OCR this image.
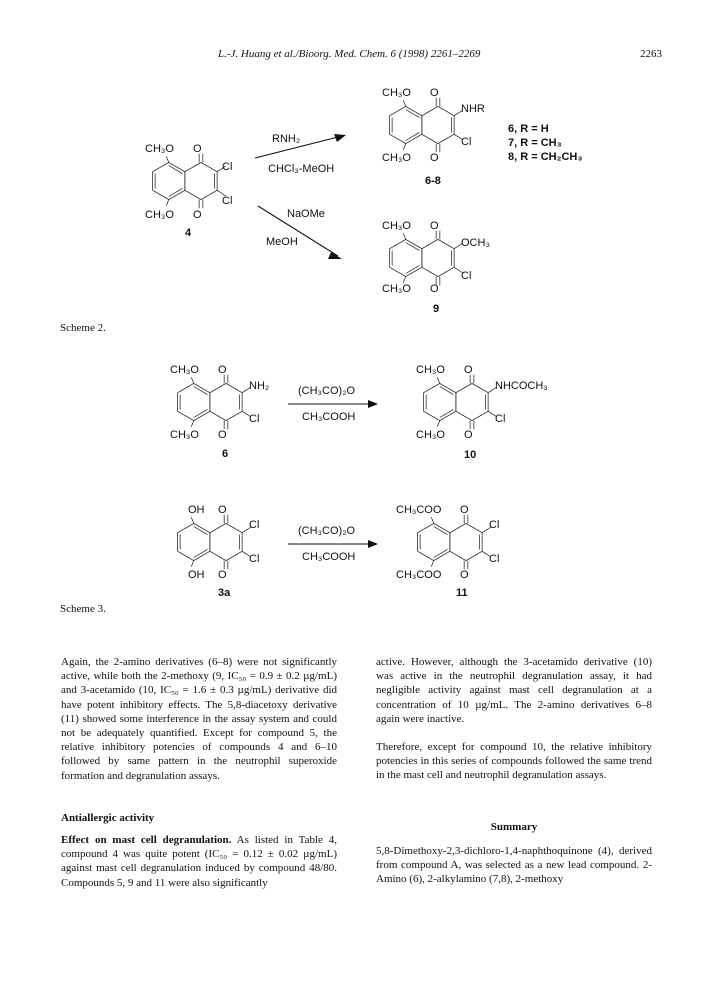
L.-J. Huang et al./Bioorg. Med. Chem. 6 (1998) 2261–2269	2263
CH₃O O
Cl
Cl
CH₃O O
4
RNH₂
CHCl₃-MeOH
CH₃O O
NHR
Cl
CH₃O O
6-8
6, R = H
7, R = CH₃
8, R = CH₂CH₃
NaOMe
MeOH
CH₃O O
OCH₃
Cl
CH₃O O
9
CH₃O O
NH₂
Cl
CH₃O O
6
(CH₃CO)₂O
CH₃COOH
CH₃O O
NHCOCH₃
Cl
CH₃O O
10
OH O
Cl
Cl
OH O
3a
(CH₃CO)₂O
CH₃COOH
CH₃COO O
Cl
Cl
CH₃COO O
11
Scheme 2.
Scheme 3.

Again, the 2-amino derivatives (6–8) were not significantly active, while both the 2-methoxy (9, IC₅₀ = 0.9 ± 0.2 µg/mL) and 3-acetamido (10, IC₅₀ = 1.6 ± 0.3 µg/mL) derivative did have potent inhibitory effects. The 5,8-diacetoxy derivative (11) showed some interference in the assay system and could not be adequately quantified. Except for compound 5, the relative inhibitory potencies of compounds 4 and 6–10 followed by same pattern in the neutrophil superoxide formation and degranulation assays.

Antiallergic activity

Effect on mast cell degranulation. As listed in Table 4, compound 4 was quite potent (IC₅₀ = 0.12 ± 0.02 µg/mL) against mast cell degranulation induced by compound 48/80. Compounds 5, 9 and 11 were also significantly

active. However, although the 3-acetamido derivative (10) was active in the neutrophil degranulation assay, it had negligible activity against mast cell degranulation at a concentration of 10 µg/mL. The 2-amino derivatives 6–8 again were inactive.

Therefore, except for compound 10, the relative inhibitory potencies in this series of compounds followed the same trend in the mast cell and neutrophil degranulation assays.

Summary

5,8-Dimethoxy-2,3-dichloro-1,4-naphthoquinone (4), derived from compound A, was selected as a new lead compound. 2-Amino (6), 2-alkylamino (7,8), 2-methoxy
